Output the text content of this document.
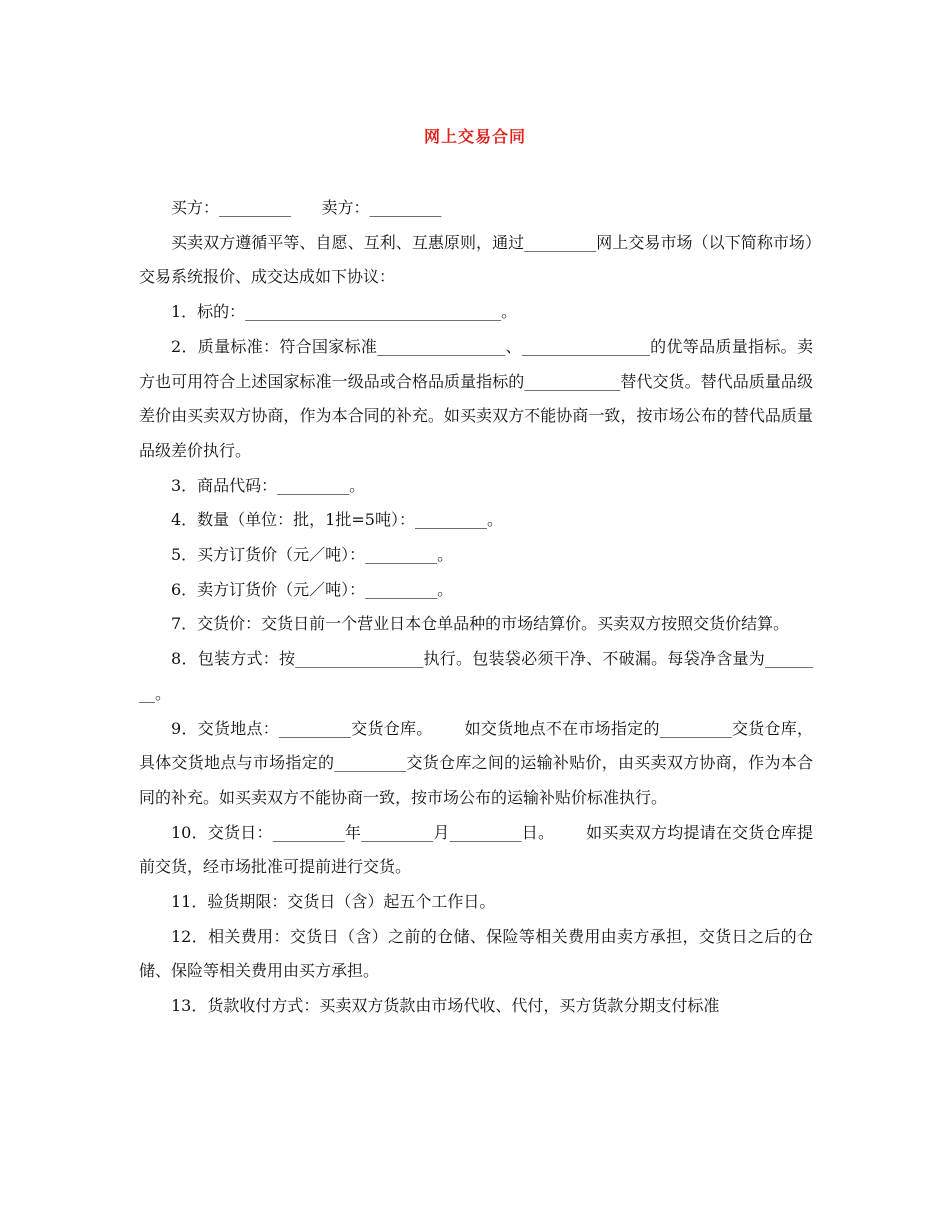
网上交易合同

买方：_________      卖方：_________

买卖双方遵循平等、自愿、互利、互惠原则，通过_________网上交易市场（以下简称市场）交易系统报价、成交达成如下协议：

1．标的：________________________________。

2．质量标准：符合国家标准________________、________________的优等品质量指标。卖方也可用符合上述国家标准一级品或合格品质量指标的____________替代交货。替代品质量品级差价由买卖双方协商，作为本合同的补充。如买卖双方不能协商一致，按市场公布的替代品质量品级差价执行。

3．商品代码：_________。

4．数量（单位：批，1批=5吨）：_________。

5．买方订货价（元／吨）：_________。

6．卖方订货价（元／吨）：_________。

7．交货价：交货日前一个营业日本仓单品种的市场结算价。买卖双方按照交货价结算。

8．包装方式：按________________执行。包装袋必须干净、不破漏。每袋净含量为________。

9．交货地点：_________交货仓库。      如交货地点不在市场指定的_________交货仓库，具体交货地点与市场指定的_________交货仓库之间的运输补贴价，由买卖双方协商，作为本合同的补充。如买卖双方不能协商一致，按市场公布的运输补贴价标准执行。

10．交货日：_________年_________月_________日。      如买卖双方均提请在交货仓库提前交货，经市场批准可提前进行交货。

11．验货期限：交货日（含）起五个工作日。

12．相关费用：交货日（含）之前的仓储、保险等相关费用由卖方承担，交货日之后的仓储、保险等相关费用由买方承担。

13．货款收付方式：买卖双方货款由市场代收、代付，买方货款分期支付标准
